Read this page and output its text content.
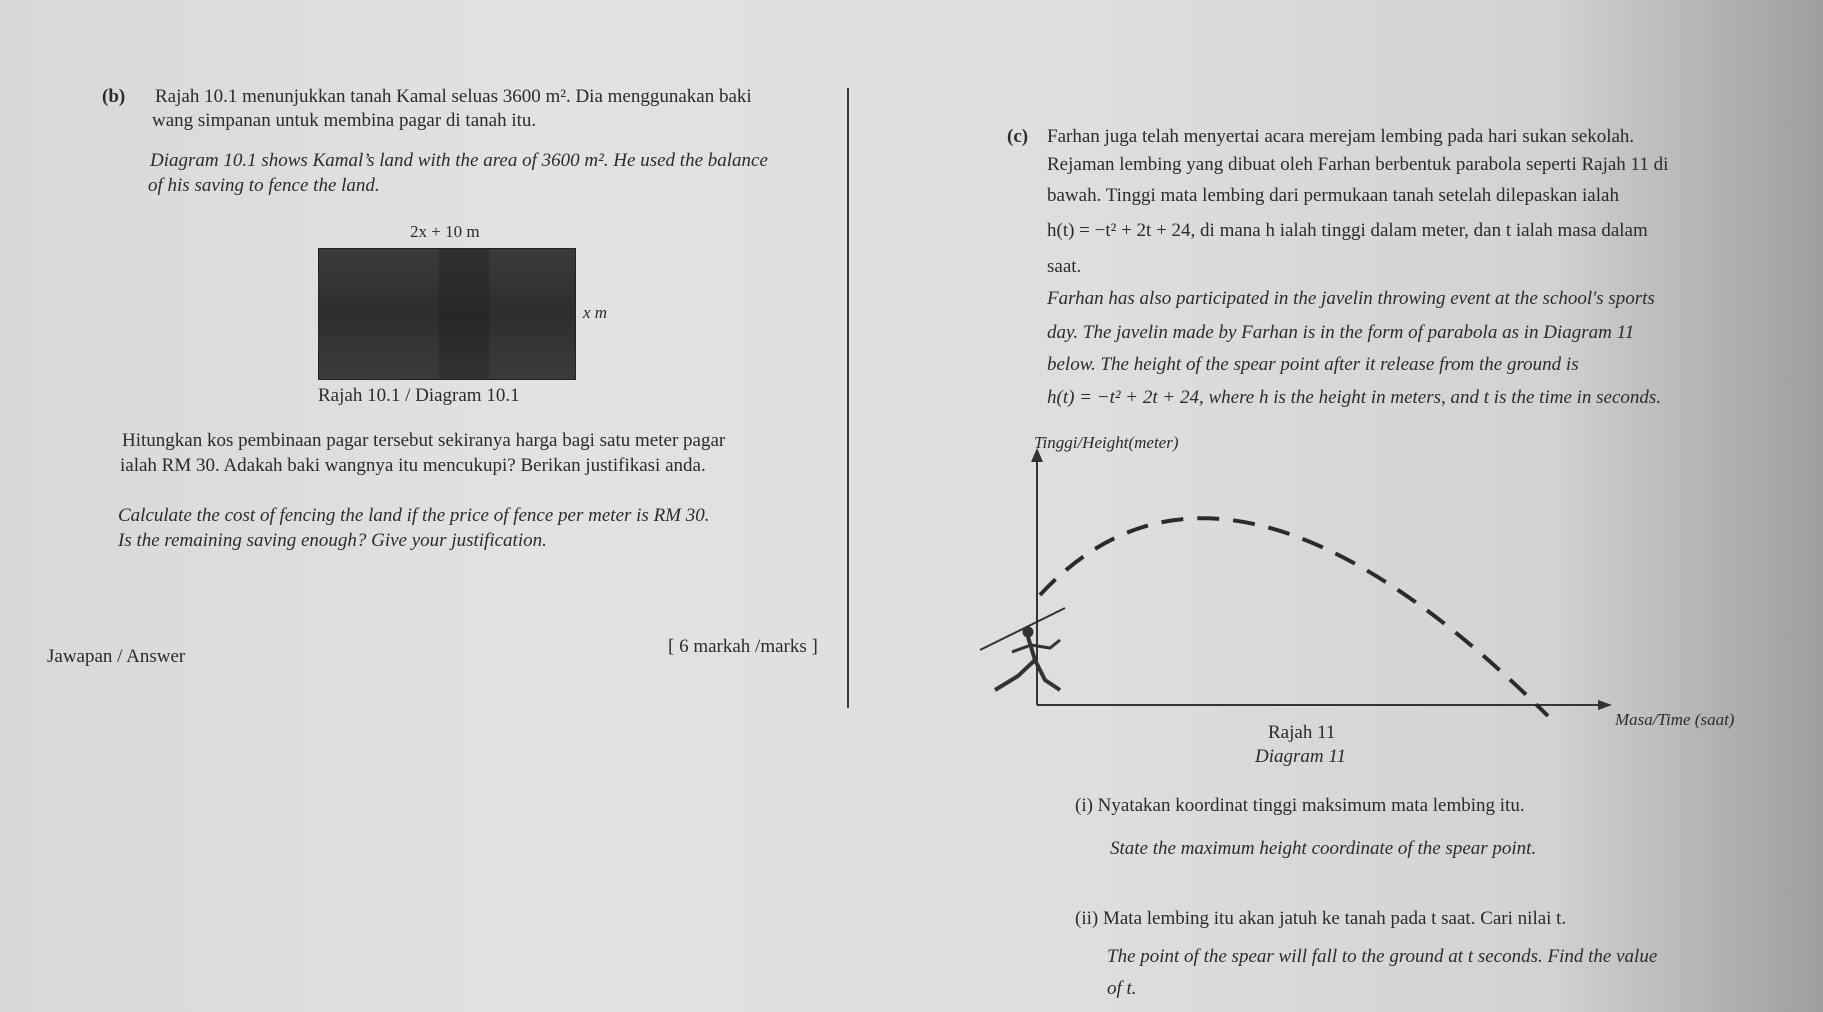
(b) Rajah 10.1 menunjukkan tanah Kamal seluas 3600 m². Dia menggunakan baki
wang simpanan untuk membina pagar di tanah itu.
Diagram 10.1 shows Kamal’s land with the area of 3600 m². He used the balance
of his saving to fence the land.
2x + 10 m
x m
Rajah 10.1 / Diagram 10.1
Hitungkan kos pembinaan pagar tersebut sekiranya harga bagi satu meter pagar
ialah RM 30. Adakah baki wangnya itu mencukupi? Berikan justifikasi anda.
Calculate the cost of fencing the land if the price of fence per meter is RM 30.
Is the remaining saving enough? Give your justification.
[ 6 markah /marks ]
Jawapan / Answer
(c) Farhan juga telah menyertai acara merejam lembing pada hari sukan sekolah.
Rejaman lembing yang dibuat oleh Farhan berbentuk parabola seperti Rajah 11 di
bawah. Tinggi mata lembing dari permukaan tanah setelah dilepaskan ialah
h(t) = −t² + 2t + 24, di mana h ialah tinggi dalam meter, dan t ialah masa dalam
saat.
Farhan has also participated in the javelin throwing event at the school's sports
day. The javelin made by Farhan is in the form of parabola as in Diagram 11
below. The height of the spear point after it release from the ground is
h(t) = −t² + 2t + 24, where h is the height in meters, and t is the time in seconds.
Tinggi/Height(meter)
Masa/Time (saat)
Rajah 11
Diagram 11
(i) Nyatakan koordinat tinggi maksimum mata lembing itu.
State the maximum height coordinate of the spear point.
(ii) Mata lembing itu akan jatuh ke tanah pada t saat. Cari nilai t.
The point of the spear will fall to the ground at t seconds. Find the value
of t.
